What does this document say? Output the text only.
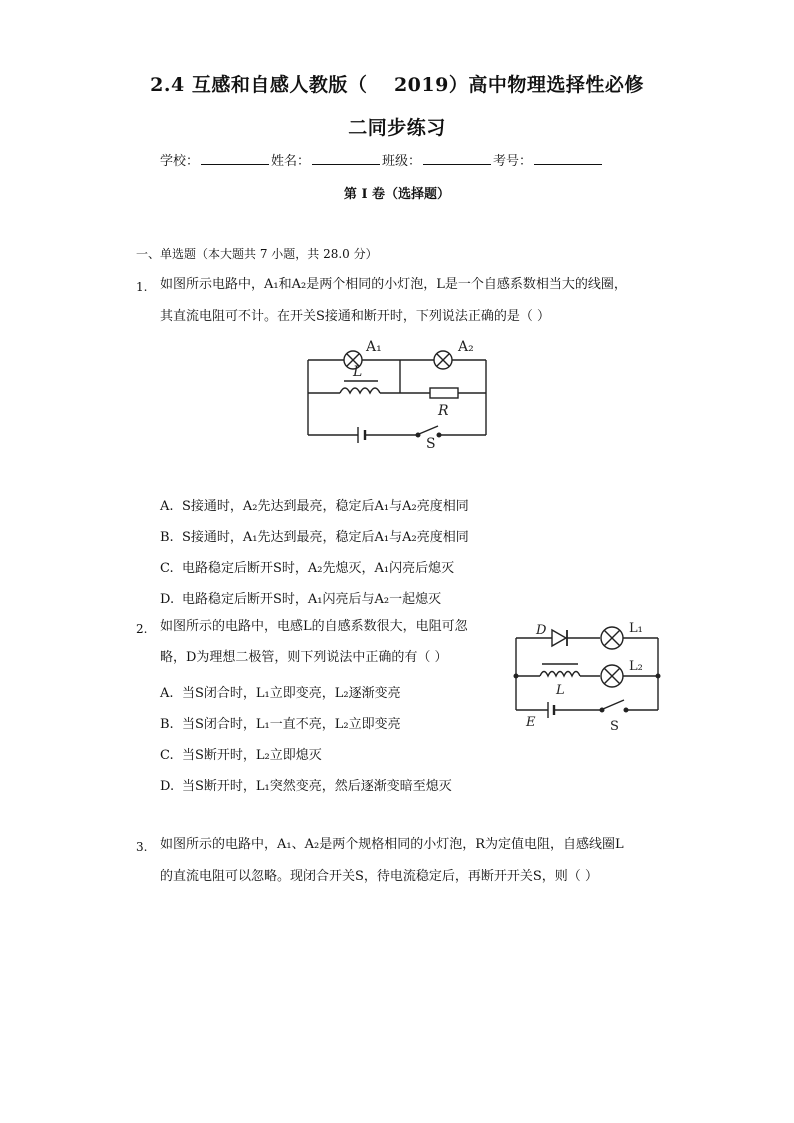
2.4 互感和自感人教版（　 2019）高中物理选择性必修
二同步练习
学校：	姓名：	班级：	考号：
第 I 卷（选择题）
一、单选题（本大题共 7 小题，共 28.0 分）
1. 如图所示电路中，A₁和A₂是两个相同的小灯泡，L是一个自感系数相当大的线圈，
其直流电阻可不计。在开关S接通和断开时，下列说法正确的是（ ）
A₁	A₂
L
R
S
A. S接通时，A₂先达到最亮，稳定后A₁与A₂亮度相同
B. S接通时，A₁先达到最亮，稳定后A₁与A₂亮度相同
C. 电路稳定后断开S时，A₂先熄灭，A₁闪亮后熄灭
D. 电路稳定后断开S时，A₁闪亮后与A₂一起熄灭
2. 如图所示的电路中，电感L的自感系数很大，电阻可忽
略，D为理想二极管，则下列说法中正确的有（ ）
D	L₁
L₂
L
E	S
A. 当S闭合时，L₁立即变亮，L₂逐渐变亮
B. 当S闭合时，L₁一直不亮，L₂立即变亮
C. 当S断开时，L₂立即熄灭
D. 当S断开时，L₁突然变亮，然后逐渐变暗至熄灭
3. 如图所示的电路中，A₁、A₂是两个规格相同的小灯泡，R为定值电阻，自感线圈L
的直流电阻可以忽略。现闭合开关S，待电流稳定后，再断开开关S，则（ ）
